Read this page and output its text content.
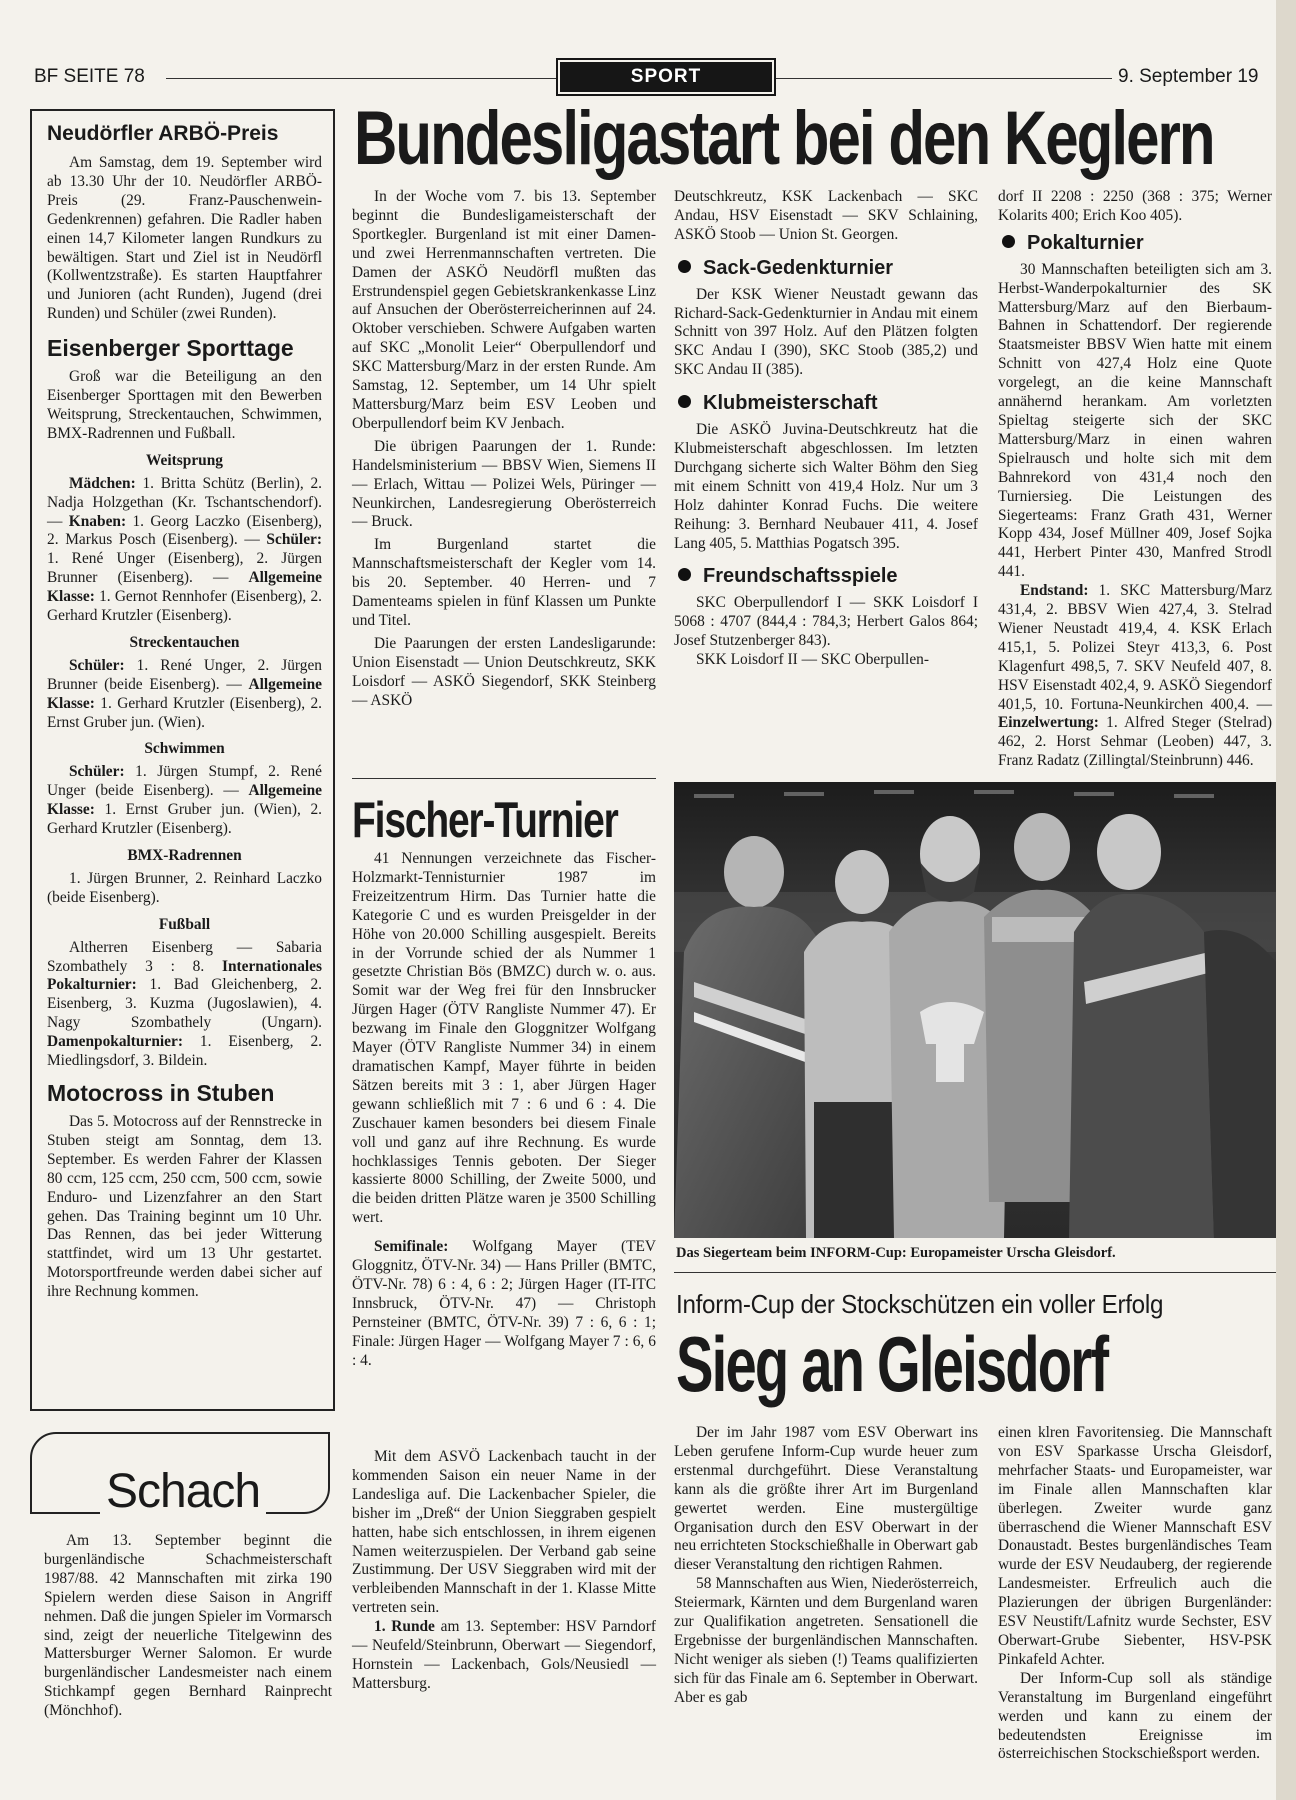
BF SEITE 78	SPORT	9. September 19
Neudörfler ARBÖ-Preis

Am Samstag, dem 19. September wird ab 13.30 Uhr der 10. Neudörfler ARBÖ-Preis (29. Franz-Pauschenwein-Gedenkrennen) gefahren. Die Radler haben einen 14,7 Kilometer langen Rundkurs zu bewältigen. Start und Ziel ist in Neudörfl (Kollwentzstraße). Es starten Hauptfahrer und Junioren (acht Runden), Jugend (drei Runden) und Schüler (zwei Runden).

Eisenberger Sporttage

Groß war die Beteiligung an den Eisenberger Sporttagen mit den Bewerben Weitsprung, Streckentauchen, Schwimmen, BMX-Radrennen und Fußball.

Weitsprung

Mädchen: 1. Britta Schütz (Berlin), 2. Nadja Holzgethan (Kr. Tschantschendorf). — Knaben: 1. Georg Laczko (Eisenberg), 2. Markus Posch (Eisenberg). — Schüler: 1. René Unger (Eisenberg), 2. Jürgen Brunner (Eisenberg). — Allgemeine Klasse: 1. Gernot Rennhofer (Eisenberg), 2. Gerhard Krutzler (Eisenberg).

Streckentauchen

Schüler: 1. René Unger, 2. Jürgen Brunner (beide Eisenberg). — Allgemeine Klasse: 1. Gerhard Krutzler (Eisenberg), 2. Ernst Gruber jun. (Wien).

Schwimmen

Schüler: 1. Jürgen Stumpf, 2. René Unger (beide Eisenberg). — Allgemeine Klasse: 1. Ernst Gruber jun. (Wien), 2. Gerhard Krutzler (Eisenberg).

BMX-Radrennen

1. Jürgen Brunner, 2. Reinhard Laczko (beide Eisenberg).

Fußball

Altherren Eisenberg — Sabaria Szombathely 3 : 8. Internationales Pokalturnier: 1. Bad Gleichenberg, 2. Eisenberg, 3. Kuzma (Jugoslawien), 4. Nagy Szombathely (Ungarn). Damenpokalturnier: 1. Eisenberg, 2. Miedlingsdorf, 3. Bildein.

Motocross in Stuben

Das 5. Motocross auf der Rennstrecke in Stuben steigt am Sonntag, dem 13. September. Es werden Fahrer der Klassen 80 ccm, 125 ccm, 250 ccm, 500 ccm, sowie Enduro- und Lizenzfahrer an den Start gehen. Das Training beginnt um 10 Uhr. Das Rennen, das bei jeder Witterung stattfindet, wird um 13 Uhr gestartet. Motorsportfreunde werden dabei sicher auf ihre Rechnung kommen.

Bundesligastart bei den Keglern

In der Woche vom 7. bis 13. September beginnt die Bundesligameisterschaft der Sportkegler. Burgenland ist mit einer Damen- und zwei Herrenmannschaften vertreten. Die Damen der ASKÖ Neudörfl mußten das Erstrundenspiel gegen Gebietskrankenkasse Linz auf Ansuchen der Oberösterreicherinnen auf 24. Oktober verschieben. Schwere Aufgaben warten auf SKC „Monolit Leier“ Oberpullendorf und SKC Mattersburg/Marz in der ersten Runde. Am Samstag, 12. September, um 14 Uhr spielt Mattersburg/Marz beim ESV Leoben und Oberpullendorf beim KV Jenbach.

Die übrigen Paarungen der 1. Runde: Handelsministerium — BBSV Wien, Siemens II — Erlach, Wittau — Polizei Wels, Püringer — Neunkirchen, Landesregierung Oberösterreich — Bruck.

Im Burgenland startet die Mannschaftsmeisterschaft der Kegler vom 14. bis 20. September. 40 Herren- und 7 Damenteams spielen in fünf Klassen um Punkte und Titel.

Die Paarungen der ersten Landesligarunde: Union Eisenstadt — Union Deutschkreutz, SKK Loisdorf — ASKÖ Siegendorf, SKK Steinberg — ASKÖ

Deutschkreutz, KSK Lackenbach — SKC Andau, HSV Eisenstadt — SKV Schlaining, ASKÖ Stoob — Union St. Georgen.

Sack-Gedenkturnier

Der KSK Wiener Neustadt gewann das Richard-Sack-Gedenkturnier in Andau mit einem Schnitt von 397 Holz. Auf den Plätzen folgten SKC Andau I (390), SKC Stoob (385,2) und SKC Andau II (385).

Klubmeisterschaft

Die ASKÖ Juvina-Deutschkreutz hat die Klubmeisterschaft abgeschlossen. Im letzten Durchgang sicherte sich Walter Böhm den Sieg mit einem Schnitt von 419,4 Holz. Nur um 3 Holz dahinter Konrad Fuchs. Die weitere Reihung: 3. Bernhard Neubauer 411, 4. Josef Lang 405, 5. Matthias Pogatsch 395.

Freundschaftsspiele

SKC Oberpullendorf I — SKK Loisdorf I 5068 : 4707 (844,4 : 784,3; Herbert Galos 864; Josef Stutzenberger 843).

SKK Loisdorf II — SKC Oberpullen-

dorf II 2208 : 2250 (368 : 375; Werner Kolarits 400; Erich Koo 405).

Pokalturnier

30 Mannschaften beteiligten sich am 3. Herbst-Wanderpokalturnier des SK Mattersburg/Marz auf den Bierbaum-Bahnen in Schattendorf. Der regierende Staatsmeister BBSV Wien hatte mit einem Schnitt von 427,4 Holz eine Quote vorgelegt, an die keine Mannschaft annähernd herankam. Am vorletzten Spieltag steigerte sich der SKC Mattersburg/Marz in einen wahren Spielrausch und holte sich mit dem Bahnrekord von 431,4 noch den Turniersieg. Die Leistungen des Siegerteams: Franz Grath 431, Werner Kopp 434, Josef Müllner 409, Josef Sojka 441, Herbert Pinter 430, Manfred Strodl 441.

Endstand: 1. SKC Mattersburg/Marz 431,4, 2. BBSV Wien 427,4, 3. Stelrad Wiener Neustadt 419,4, 4. KSK Erlach 415,1, 5. Polizei Steyr 413,3, 6. Post Klagenfurt 498,5, 7. SKV Neufeld 407, 8. HSV Eisenstadt 402,4, 9. ASKÖ Siegendorf 401,5, 10. Fortuna-Neunkirchen 400,4. — Einzelwertung: 1. Alfred Steger (Stelrad) 462, 2. Horst Sehmar (Leoben) 447, 3. Franz Radatz (Zillingtal/Steinbrunn) 446.

Fischer-Turnier

41 Nennungen verzeichnete das Fischer-Holzmarkt-Tennisturnier 1987 im Freizeitzentrum Hirm. Das Turnier hatte die Kategorie C und es wurden Preisgelder in der Höhe von 20.000 Schilling ausgespielt. Bereits in der Vorrunde schied der als Nummer 1 gesetzte Christian Bös (BMZC) durch w. o. aus. Somit war der Weg frei für den Innsbrucker Jürgen Hager (ÖTV Rangliste Nummer 47). Er bezwang im Finale den Gloggnitzer Wolfgang Mayer (ÖTV Rangliste Nummer 34) in einem dramatischen Kampf, Mayer führte in beiden Sätzen bereits mit 3 : 1, aber Jürgen Hager gewann schließlich mit 7 : 6 und 6 : 4. Die Zuschauer kamen besonders bei diesem Finale voll und ganz auf ihre Rechnung. Es wurde hochklassiges Tennis geboten. Der Sieger kassierte 8000 Schilling, der Zweite 5000, und die beiden dritten Plätze waren je 3500 Schilling wert.

Semifinale: Wolfgang Mayer (TEV Gloggnitz, ÖTV-Nr. 34) — Hans Priller (BMTC, ÖTV-Nr. 78) 6 : 4, 6 : 2; Jürgen Hager (IT-ITC Innsbruck, ÖTV-Nr. 47) — Christoph Pernsteiner (BMTC, ÖTV-Nr. 39) 7 : 6, 6 : 1; Finale: Jürgen Hager — Wolfgang Mayer 7 : 6, 6 : 4.

Das Siegerteam beim INFORM-Cup: Europameister Urscha Gleisdorf.
Inform-Cup der Stockschützen ein voller Erfolg
Sieg an Gleisdorf

Der im Jahr 1987 vom ESV Oberwart ins Leben gerufene Inform-Cup wurde heuer zum erstenmal durchgeführt. Diese Veranstaltung kann als die größte ihrer Art im Burgenland gewertet werden. Eine mustergültige Organisation durch den ESV Oberwart in der neu errichteten Stockschießhalle in Oberwart gab dieser Veranstaltung den richtigen Rahmen.

58 Mannschaften aus Wien, Niederösterreich, Steiermark, Kärnten und dem Burgenland waren zur Qualifikation angetreten. Sensationell die Ergebnisse der burgenländischen Mannschaften. Nicht weniger als sieben (!) Teams qualifizierten sich für das Finale am 6. September in Oberwart. Aber es gab

einen klren Favoritensieg. Die Mannschaft von ESV Sparkasse Urscha Gleisdorf, mehrfacher Staats- und Europameister, war im Finale allen Mannschaften klar überlegen. Zweiter wurde ganz überraschend die Wiener Mannschaft ESV Donaustadt. Bestes burgenländisches Team wurde der ESV Neudauberg, der regierende Landesmeister. Erfreulich auch die Plazierungen der übrigen Burgenländer: ESV Neustift/Lafnitz wurde Sechster, ESV Oberwart-Grube Siebenter, HSV-PSK Pinkafeld Achter.

Der Inform-Cup soll als ständige Veranstaltung im Burgenland eingeführt werden und kann zu einem der bedeutendsten Ereignisse im österreichischen Stockschießsport werden.

Schach

Am 13. September beginnt die burgenländische Schachmeisterschaft 1987/88. 42 Mannschaften mit zirka 190 Spielern werden diese Saison in Angriff nehmen. Daß die jungen Spieler im Vormarsch sind, zeigt der neuerliche Titelgewinn des Mattersburger Werner Salomon. Er wurde burgenländischer Landesmeister nach einem Stichkampf gegen Bernhard Rainprecht (Mönchhof).

Mit dem ASVÖ Lackenbach taucht in der kommenden Saison ein neuer Name in der Landesliga auf. Die Lackenbacher Spieler, die bisher im „Dreß“ der Union Sieggraben gespielt hatten, habe sich entschlossen, in ihrem eigenen Namen weiterzuspielen. Der Verband gab seine Zustimmung. Der USV Sieggraben wird mit der verbleibenden Mannschaft in der 1. Klasse Mitte vertreten sein.

1. Runde am 13. September: HSV Parndorf — Neufeld/Steinbrunn, Oberwart — Siegendorf, Hornstein — Lackenbach, Gols/Neusiedl — Mattersburg.
